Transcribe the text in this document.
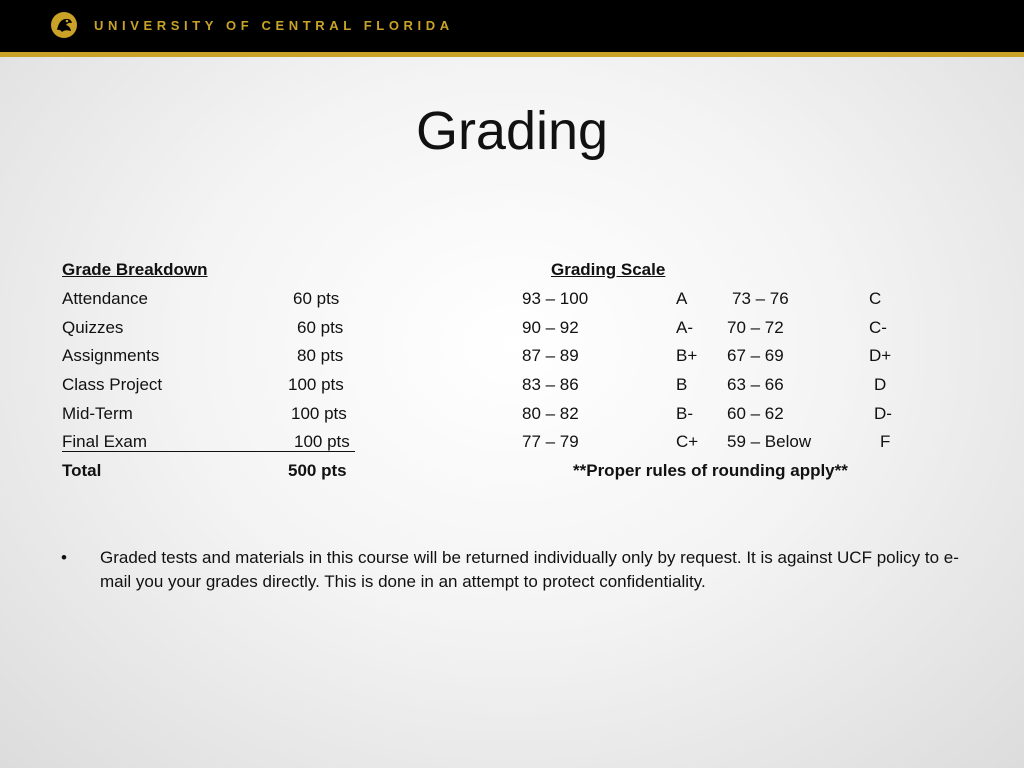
UNIVERSITY OF CENTRAL FLORIDA
Grading
Grade Breakdown
Attendance	60 pts
Quizzes	60 pts
Assignments	80 pts
Class Project	100 pts
Mid-Term	100 pts
Final Exam	100 pts
Total	500 pts
Grading Scale
93 – 100	A	73 – 76	C
90 – 92	A- 70 – 72	C-
87 – 89	B+ 67 – 69	D+
83 – 86	B 63 – 66	D
80 – 82	B- 60 – 62	D-
77 – 79	C+ 59 – Below	F
**Proper rules of rounding apply**
• Graded tests and materials in this course will be returned individually only by request. It is against UCF policy to e-mail you your grades directly. This is done in an attempt to protect confidentiality.
